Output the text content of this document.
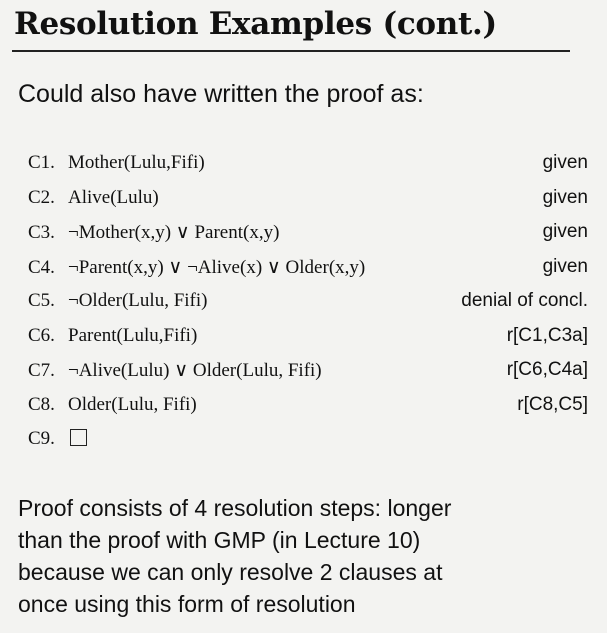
Resolution Examples (cont.)
Could also have written the proof as:
C1. Mother(Lulu,Fifi)	given
C2. Alive(Lulu)	given
C3. ¬Mother(x,y) ∨ Parent(x,y)	given
C4. ¬Parent(x,y) ∨ ¬Alive(x) ∨ Older(x,y)	given
C5. ¬Older(Lulu, Fifi)	denial of concl.
C6. Parent(Lulu,Fifi)	r[C1,C3a]
C7. ¬Alive(Lulu) ∨ Older(Lulu, Fifi)	r[C6,C4a]
C8. Older(Lulu, Fifi)	r[C8,C5]
C9.
Proof consists of 4 resolution steps: longer
than the proof with GMP (in Lecture 10)
because we can only resolve 2 clauses at
once using this form of resolution
